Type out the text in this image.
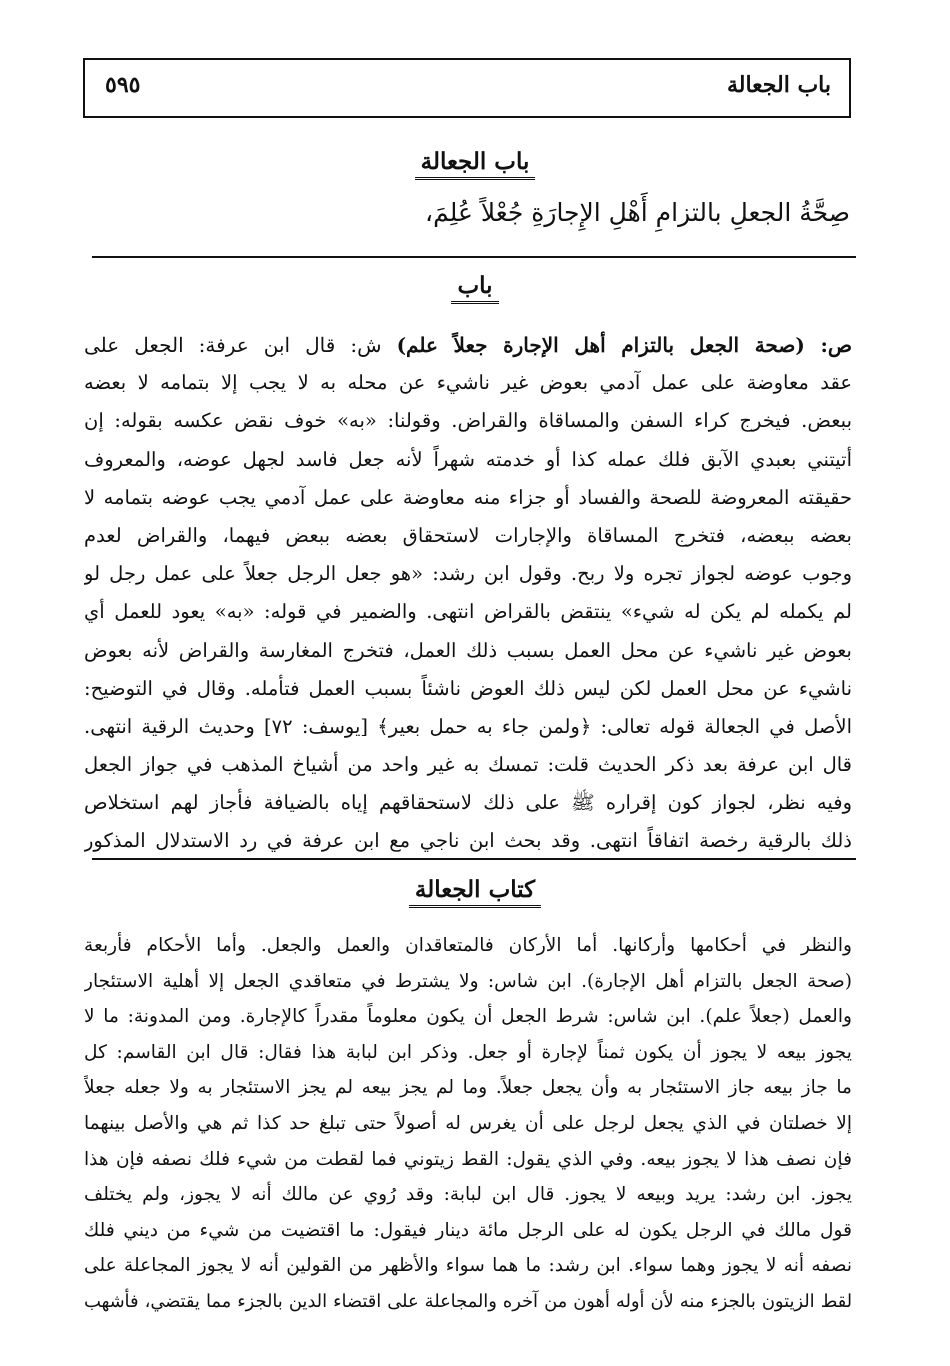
باب الجعالة
٥٩٥
باب الجعالة
صِحَّةُ الجعلِ بالتزامِ أَهْلِ الإِجارَةِ جُعْلاً عُلِمَ،
باب
ص: (صحة الجعل بالتزام أهل الإجارة جعلاً علم) ش: قال ابن عرفة: الجعل على
عقد معاوضة على عمل آدمي بعوض غير ناشيء عن محله به لا يجب إلا بتمامه لا بعضه
ببعض. فيخرج كراء السفن والمساقاة والقراض. وقولنا: «به» خوف نقض عكسه بقوله: إن
أتيتني بعبدي الآبق فلك عمله كذا أو خدمته شهراً لأنه جعل فاسد لجهل عوضه، والمعروف
حقيقته المعروضة للصحة والفساد أو جزاء منه معاوضة على عمل آدمي يجب عوضه بتمامه لا
بعضه ببعضه، فتخرج المساقاة والإجارات لاستحقاق بعضه ببعض فيهما، والقراض لعدم
وجوب عوضه لجواز تجره ولا ربح. وقول ابن رشد: «هو جعل الرجل جعلاً على عمل رجل لو
لم يكمله لم يكن له شيء» ينتقض بالقراض انتهى. والضمير في قوله: «به» يعود للعمل أي
بعوض غير ناشيء عن محل العمل بسبب ذلك العمل، فتخرج المغارسة والقراض لأنه بعوض
ناشيء عن محل العمل لكن ليس ذلك العوض ناشئاً بسبب العمل فتأمله. وقال في التوضيح:
الأصل في الجعالة قوله تعالى: ﴿ولمن جاء به حمل بعير﴾ [يوسف: ٧٢] وحديث الرقية انتهى.
قال ابن عرفة بعد ذكر الحديث قلت: تمسك به غير واحد من أشياخ المذهب في جواز الجعل
وفيه نظر، لجواز كون إقراره ﷺ على ذلك لاستحقاقهم إياه بالضيافة فأجاز لهم استخلاص
ذلك بالرقية رخصة اتفاقاً انتهى. وقد بحث ابن ناجي مع ابن عرفة في رد الاستدلال المذكور
كتاب الجعالة
والنظر في أحكامها وأركانها. أما الأركان فالمتعاقدان والعمل والجعل. وأما الأحكام فأربعة
(صحة الجعل بالتزام أهل الإجارة). ابن شاس: ولا يشترط في متعاقدي الجعل إلا أهلية الاستئجار
والعمل (جعلاً علم). ابن شاس: شرط الجعل أن يكون معلوماً مقدراً كالإجارة. ومن المدونة: ما لا
يجوز بيعه لا يجوز أن يكون ثمناً لإجارة أو جعل. وذكر ابن لبابة هذا فقال: قال ابن القاسم: كل
ما جاز بيعه جاز الاستئجار به وأن يجعل جعلاً. وما لم يجز بيعه لم يجز الاستئجار به ولا جعله جعلاً
إلا خصلتان في الذي يجعل لرجل على أن يغرس له أصولاً حتى تبلغ حد كذا ثم هي والأصل بينهما
فإن نصف هذا لا يجوز بيعه. وفي الذي يقول: القط زيتوني فما لقطت من شيء فلك نصفه فإن هذا
يجوز. ابن رشد: يريد وبيعه لا يجوز. قال ابن لبابة: وقد رُوي عن مالك أنه لا يجوز، ولم يختلف
قول مالك في الرجل يكون له على الرجل مائة دينار فيقول: ما اقتضيت من شيء من ديني فلك
نصفه أنه لا يجوز وهما سواء. ابن رشد: ما هما سواء والأظهر من القولين أنه لا يجوز المجاعلة على
لقط الزيتون بالجزء منه لأن أوله أهون من آخره والمجاعلة على اقتضاء الدين بالجزء مما يقتضي، فأشهب
